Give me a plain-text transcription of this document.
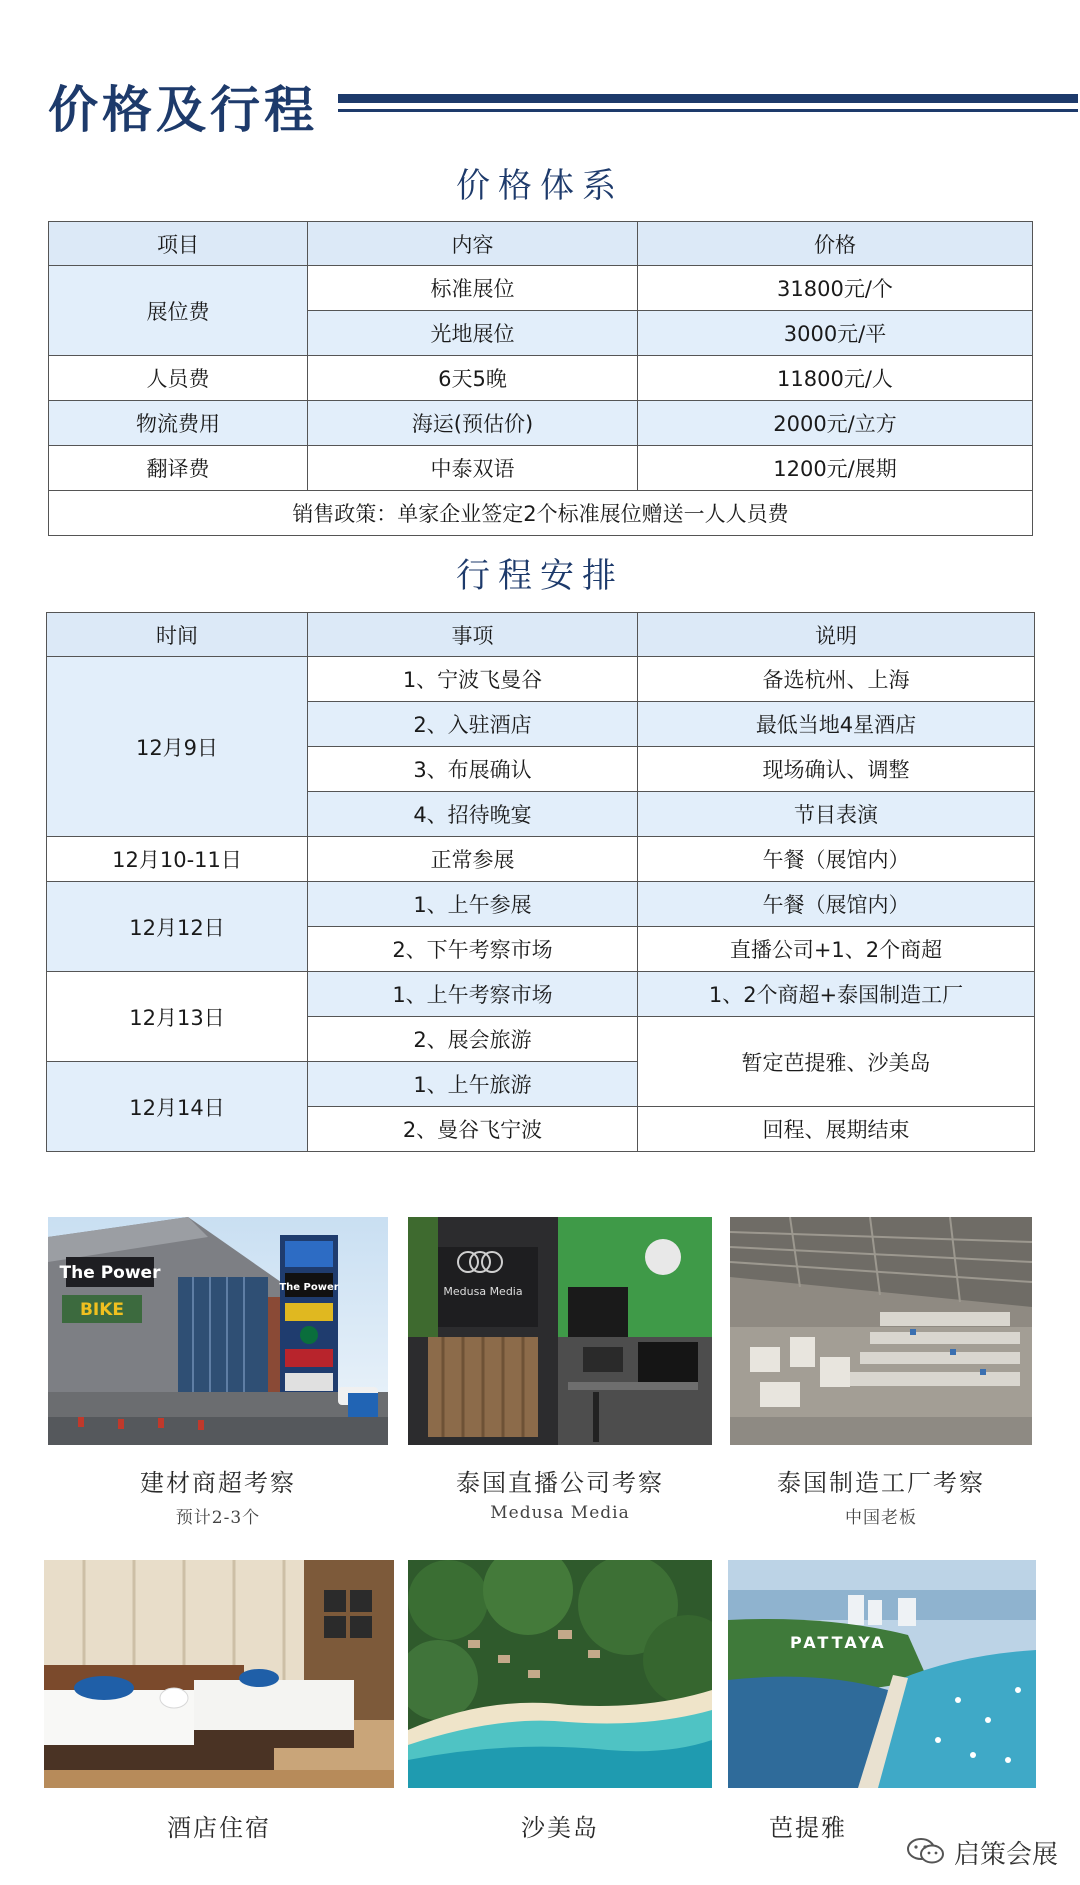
价格及行程
价格体系
项目	内容	价格
展位费	标准展位	31800元/个
	光地展位	3000元/平
人员费	6天5晚	11800元/人
物流费用	海运(预估价)	2000元/立方
翻译费	中泰双语	1200元/展期
销售政策：单家企业签定2个标准展位赠送一人人员费		
行程安排
时间	事项	说明
12月9日	1、宁波飞曼谷	备选杭州、上海
	2、入驻酒店	最低当地4星酒店
	3、布展确认	现场确认、调整
	4、招待晚宴	节目表演
12月10-11日	正常参展	午餐（展馆内）
12月12日	1、上午参展	午餐（展馆内）
	2、下午考察市场	直播公司+1、2个商超
12月13日	1、上午考察市场	1、2个商超+泰国制造工厂
	2、展会旅游	暂定芭提雅、沙美岛
12月14日	1、上午旅游	
	2、曼谷飞宁波	回程、展期结束
The Power
BIKE
The Power	Medusa Media
建材商超考察
预计2-3个
泰国直播公司考察
Medusa Media
泰国制造工厂考察
中国老板
PATTAYA
酒店住宿	沙美岛	芭提雅
启策会展
